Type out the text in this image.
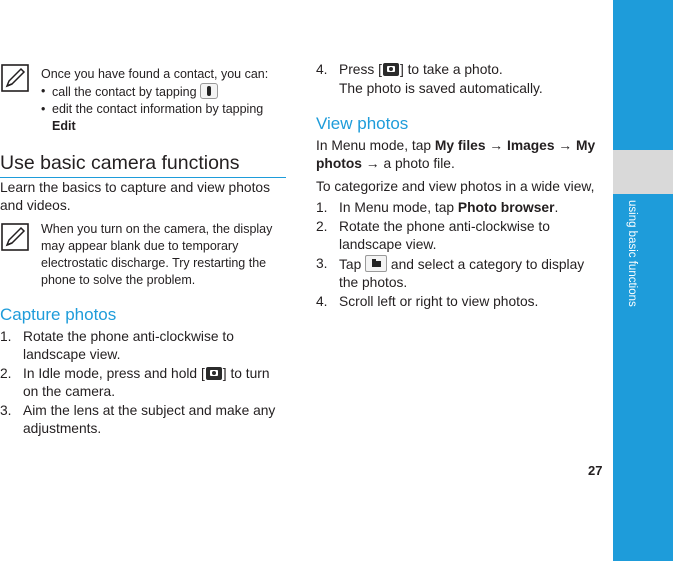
using basic functions
27
Once you have found a contact, you can:
• call the contact by tapping
• edit the contact information by tapping
Edit
Use basic camera functions
Learn the basics to capture and view photos and videos.
When you turn on the camera, the display may appear blank due to temporary electrostatic discharge. Try restarting the phone to solve the problem.
Capture photos
1. Rotate the phone anti-clockwise to landscape view.
2. In Idle mode, press and hold [ ] to turn on the camera.
3. Aim the lens at the subject and make any adjustments.
4. Press [ ] to take a photo.
The photo is saved automatically.
View photos
In Menu mode, tap My files → Images → My photos → a photo file.
To categorize and view photos in a wide view,
1. In Menu mode, tap Photo browser.
2. Rotate the phone anti-clockwise to landscape view.
3. Tap  and select a category to display the photos.
4. Scroll left or right to view photos.
